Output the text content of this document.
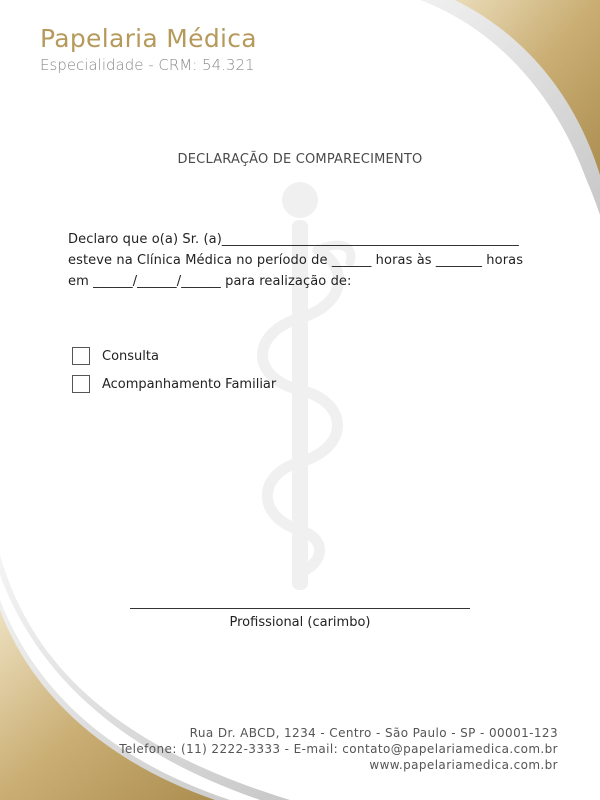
Papelaria Médica
Especialidade - CRM: 54.321
DECLARAÇÃO DE COMPARECIMENTO
Declaro que o(a) Sr. (a)_____________________________________________
esteve na Clínica Médica no período de ______ horas às _______ horas
em ______/______/______ para realização de:
Consulta
Acompanhamento Familiar
Profissional (carimbo)
Rua Dr. ABCD, 1234 - Centro - São Paulo - SP - 00001-123
Telefone: (11) 2222-3333 - E-mail: contato@papelariamedica.com.br
www.papelariamedica.com.br
